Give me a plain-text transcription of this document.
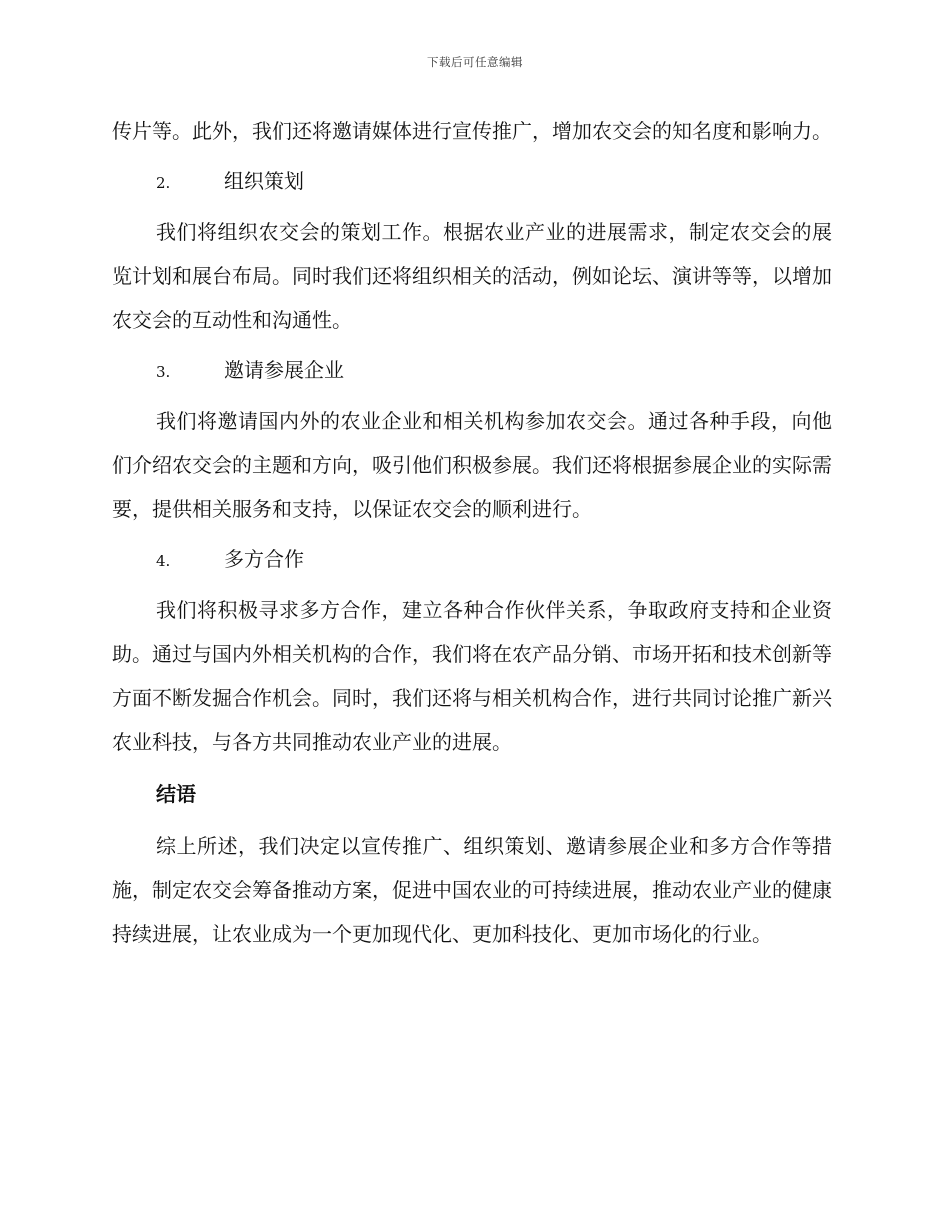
下载后可任意编辑

传片等。此外，我们还将邀请媒体进行宣传推广，增加农交会的知名度和影响力。

2.	组织策划

我们将组织农交会的策划工作。根据农业产业的进展需求，制定农交会的展览计划和展台布局。同时我们还将组织相关的活动，例如论坛、演讲等等，以增加农交会的互动性和沟通性。

3.	邀请参展企业

我们将邀请国内外的农业企业和相关机构参加农交会。通过各种手段，向他们介绍农交会的主题和方向，吸引他们积极参展。我们还将根据参展企业的实际需要，提供相关服务和支持，以保证农交会的顺利进行。

4.	多方合作

我们将积极寻求多方合作，建立各种合作伙伴关系，争取政府支持和企业资助。通过与国内外相关机构的合作，我们将在农产品分销、市场开拓和技术创新等方面不断发掘合作机会。同时，我们还将与相关机构合作，进行共同讨论推广新兴农业科技，与各方共同推动农业产业的进展。

结语

综上所述，我们决定以宣传推广、组织策划、邀请参展企业和多方合作等措施，制定农交会筹备推动方案，促进中国农业的可持续进展，推动农业产业的健康持续进展，让农业成为一个更加现代化、更加科技化、更加市场化的行业。
